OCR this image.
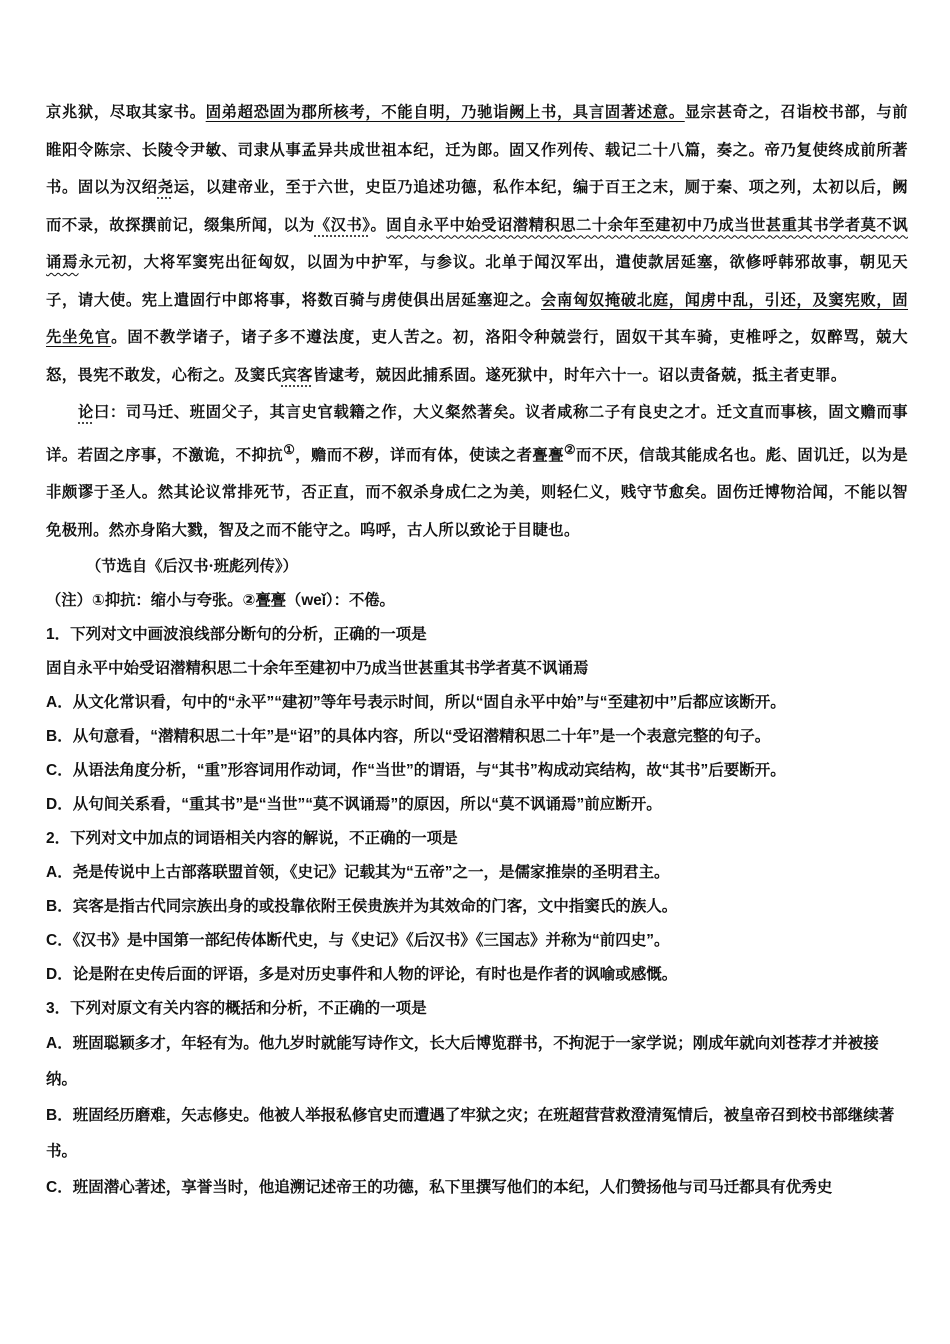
京兆狱，尽取其家书。固弟超恐固为郡所核考，不能自明，乃驰诣阙上书，具言固著述意。显宗甚奇之，召诣校书部，与前睢阳令陈宗、长陵令尹敏、司隶从事孟异共成世祖本纪，迁为郎。固又作列传、载记二十八篇，奏之。帝乃复使终成前所著书。固以为汉绍尧运，以建帝业，至于六世，史臣乃追述功德，私作本纪，编于百王之末，厕于秦、项之列，太初以后，阙而不录，故探撰前记，缀集所闻，以为《汉书》。固自永平中始受诏潜精积思二十余年至建初中乃成当世甚重其书学者莫不讽诵焉永元初，大将军窦宪出征匈奴，以固为中护军，与参议。北单于闻汉军出，遣使款居延塞，欲修呼韩邪故事，朝见天子，请大使。宪上遣固行中郎将事，将数百骑与虏使俱出居延塞迎之。会南匈奴掩破北庭，闻虏中乱，引还，及窦宪败，固先坐免官。固不教学诸子，诸子多不遵法度，吏人苦之。初，洛阳令种兢尝行，固奴干其车骑，吏椎呼之，奴醉骂，兢大怒，畏宪不敢发，心衔之。及窦氏宾客皆逮考，兢因此捕系固。遂死狱中，时年六十一。诏以责备兢，抵主者吏罪。

论曰：司马迁、班固父子，其言史官载籍之作，大义粲然著矣。议者咸称二子有良史之才。迁文直而事核，固文赡而事详。若固之序事，不激诡，不抑抗①，赡而不秽，详而有体，使读之者亹亹②而不厌，信哉其能成名也。彪、固讥迁，以为是非颇谬于圣人。然其论议常排死节，否正直，而不叙杀身成仁之为美，则轻仁义，贱守节愈矣。固伤迁博物洽闻，不能以智免极刑。然亦身陷大戮，智及之而不能守之。呜呼，古人所以致论于目睫也。

（节选自《后汉书·班彪列传》）

（注）①抑抗：缩小与夸张。②亹亹（weǐ）：不倦。

1．下列对文中画波浪线部分断句的分析，正确的一项是

固自永平中始受诏潜精积思二十余年至建初中乃成当世甚重其书学者莫不讽诵焉

A．从文化常识看，句中的“永平”“建初”等年号表示时间，所以“固自永平中始”与“至建初中”后都应该断开。

B．从句意看，“潜精积思二十年”是“诏”的具体内容，所以“受诏潜精积思二十年”是一个表意完整的句子。

C．从语法角度分析，“重”形容词用作动词，作“当世”的谓语，与“其书”构成动宾结构，故“其书”后要断开。

D．从句间关系看，“重其书”是“当世”“莫不讽诵焉”的原因，所以“莫不讽诵焉”前应断开。

2．下列对文中加点的词语相关内容的解说，不正确的一项是

A．尧是传说中上古部落联盟首领，《史记》记载其为“五帝”之一，是儒家推崇的圣明君主。

B．宾客是指古代同宗族出身的或投靠依附王侯贵族并为其效命的门客，文中指窦氏的族人。

C．《汉书》是中国第一部纪传体断代史，与《史记》《后汉书》《三国志》并称为“前四史”。

D．论是附在史传后面的评语，多是对历史事件和人物的评论，有时也是作者的讽喻或感慨。

3．下列对原文有关内容的概括和分析，不正确的一项是

A．班固聪颖多才，年轻有为。他九岁时就能写诗作文，长大后博览群书，不拘泥于一家学说；刚成年就向刘苍荐才并被接纳。

B．班固经历磨难，矢志修史。他被人举报私修官史而遭遇了牢狱之灾；在班超营营救澄清冤情后，被皇帝召到校书部继续著书。

C．班固潜心著述，享誉当时，他追溯记述帝王的功德，私下里撰写他们的本纪，人们赞扬他与司马迁都具有优秀史
